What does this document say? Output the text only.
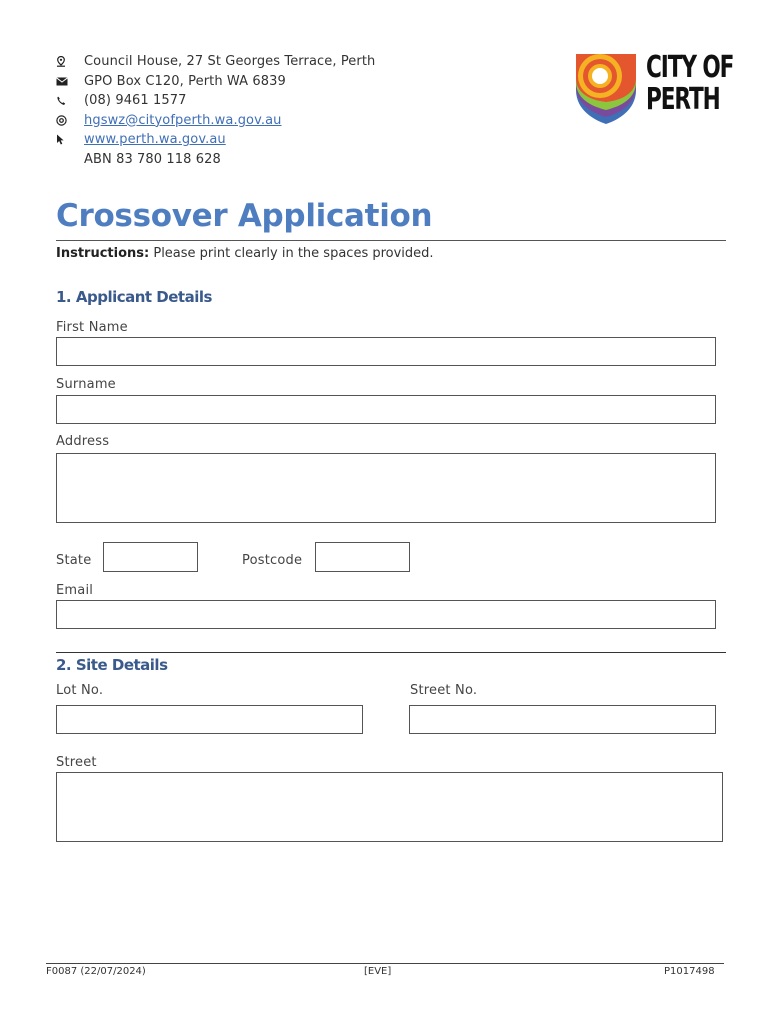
Council House, 27 St Georges Terrace, Perth
GPO Box C120, Perth WA 6839
(08) 9461 1577
hgswz@cityofperth.wa.gov.au
www.perth.wa.gov.au
ABN 83 780 118 628
CITY OF
PERTH
Crossover Application
Instructions: Please print clearly in the spaces provided.
1. Applicant Details
First Name
Surname
Address
State	Postcode
Email
2. Site Details
Lot No.	Street No.
Street
F0087 (22/07/2024)	[EVE]	P1017498
